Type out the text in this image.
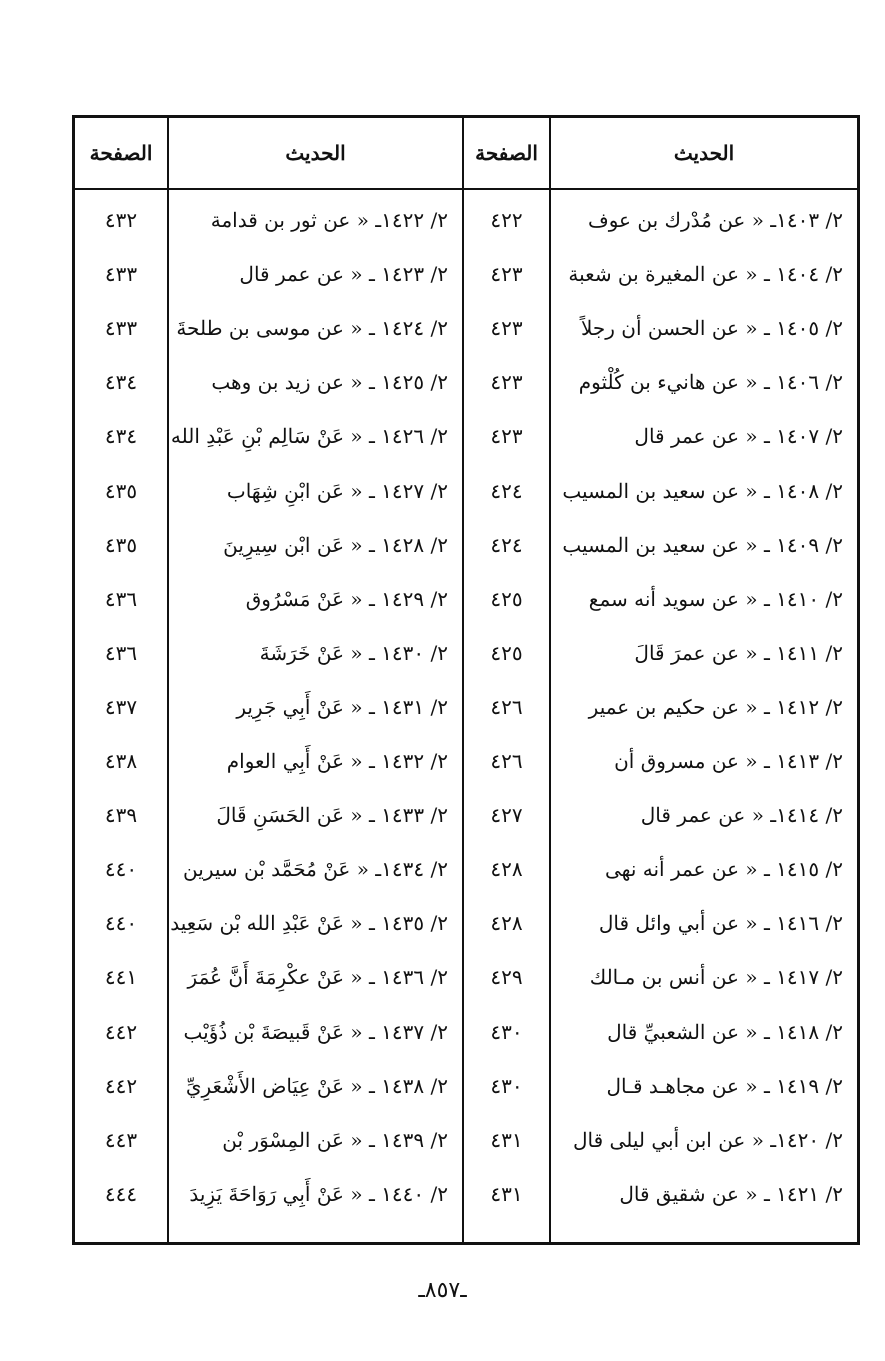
الحديث
الصفحة
الحديث
الصفحة
٢/ ١٤٠٣ـ « عن مُدْرك بن عوف
٤٢٢
٢/ ١٤٢٢ـ « عن ثور بن قدامة
٤٣٢
٢/ ١٤٠٤ ـ « عن المغيرة بن شعبة
٤٢٣
٢/ ١٤٢٣ ـ « عن عمر قال
٤٣٣
٢/ ١٤٠٥ ـ « عن الحسن أن رجلاً
٤٢٣
٢/ ١٤٢٤ ـ « عن موسى بن طلحةَ
٤٣٣
٢/ ١٤٠٦ ـ « عن هانيء بن كُلْثوم
٤٢٣
٢/ ١٤٢٥ ـ « عن زيد بن وهب
٤٣٤
٢/ ١٤٠٧ ـ « عن عمر قال
٤٢٣
٢/ ١٤٢٦ ـ « عَنْ سَالِم بْنِ عَبْدِ الله
٤٣٤
٢/ ١٤٠٨ ـ « عن سعيد بن المسيب
٤٢٤
٢/ ١٤٢٧ ـ « عَن ابْنِ شِهَاب
٤٣٥
٢/ ١٤٠٩ ـ « عن سعيد بن المسيب
٤٢٤
٢/ ١٤٢٨ ـ « عَن ابْن سِيرِينَ
٤٣٥
٢/ ١٤١٠ ـ « عن سويد أنه سمع
٤٢٥
٢/ ١٤٢٩ ـ « عَنْ مَسْرُوق
٤٣٦
٢/ ١٤١١ ـ « عن عمرَ قَالَ
٤٢٥
٢/ ١٤٣٠ ـ « عَنْ خَرَشَةَ
٤٣٦
٢/ ١٤١٢ ـ « عن حكيم بن عمير
٤٢٦
٢/ ١٤٣١ ـ « عَنْ أَبِي جَرِير
٤٣٧
٢/ ١٤١٣ ـ « عن مسروق أن
٤٢٦
٢/ ١٤٣٢ ـ « عَنْ أَبِي العوام
٤٣٨
٢/ ١٤١٤ـ « عن عمر قال
٤٢٧
٢/ ١٤٣٣ ـ « عَن الحَسَنِ قَالَ
٤٣٩
٢/ ١٤١٥ ـ « عن عمر أنه نهى
٤٢٨
٢/ ١٤٣٤ـ « عَنْ مُحَمَّد بْن سيرين
٤٤٠
٢/ ١٤١٦ ـ « عن أبي وائل قال
٤٢٨
٢/ ١٤٣٥ ـ « عَنْ عَبْدِ الله بْن سَعِيد
٤٤٠
٢/ ١٤١٧ ـ « عن أنس بن مـالك
٤٢٩
٢/ ١٤٣٦ ـ « عَنْ عكْرِمَةَ أَنَّ عُمَرَ
٤٤١
٢/ ١٤١٨ ـ « عن الشعبيِّ قال
٤٣٠
٢/ ١٤٣٧ ـ « عَنْ قَبيصَةَ بْن ذُؤَيْب
٤٤٢
٢/ ١٤١٩ ـ « عن مجاهـد قـال
٤٣٠
٢/ ١٤٣٨ ـ « عَنْ عِيَاض الأَشْعَرِيِّ
٤٤٢
٢/ ١٤٢٠ـ « عن ابن أبي ليلى قال
٤٣١
٢/ ١٤٣٩ ـ « عَن المِسْوَر بْن
٤٤٣
٢/ ١٤٢١ ـ « عن شقيق قال
٤٣١
٢/ ١٤٤٠ ـ « عَنْ أَبِي رَوَاحَةَ يَزِيدَ
٤٤٤
ـ٨٥٧ـ
